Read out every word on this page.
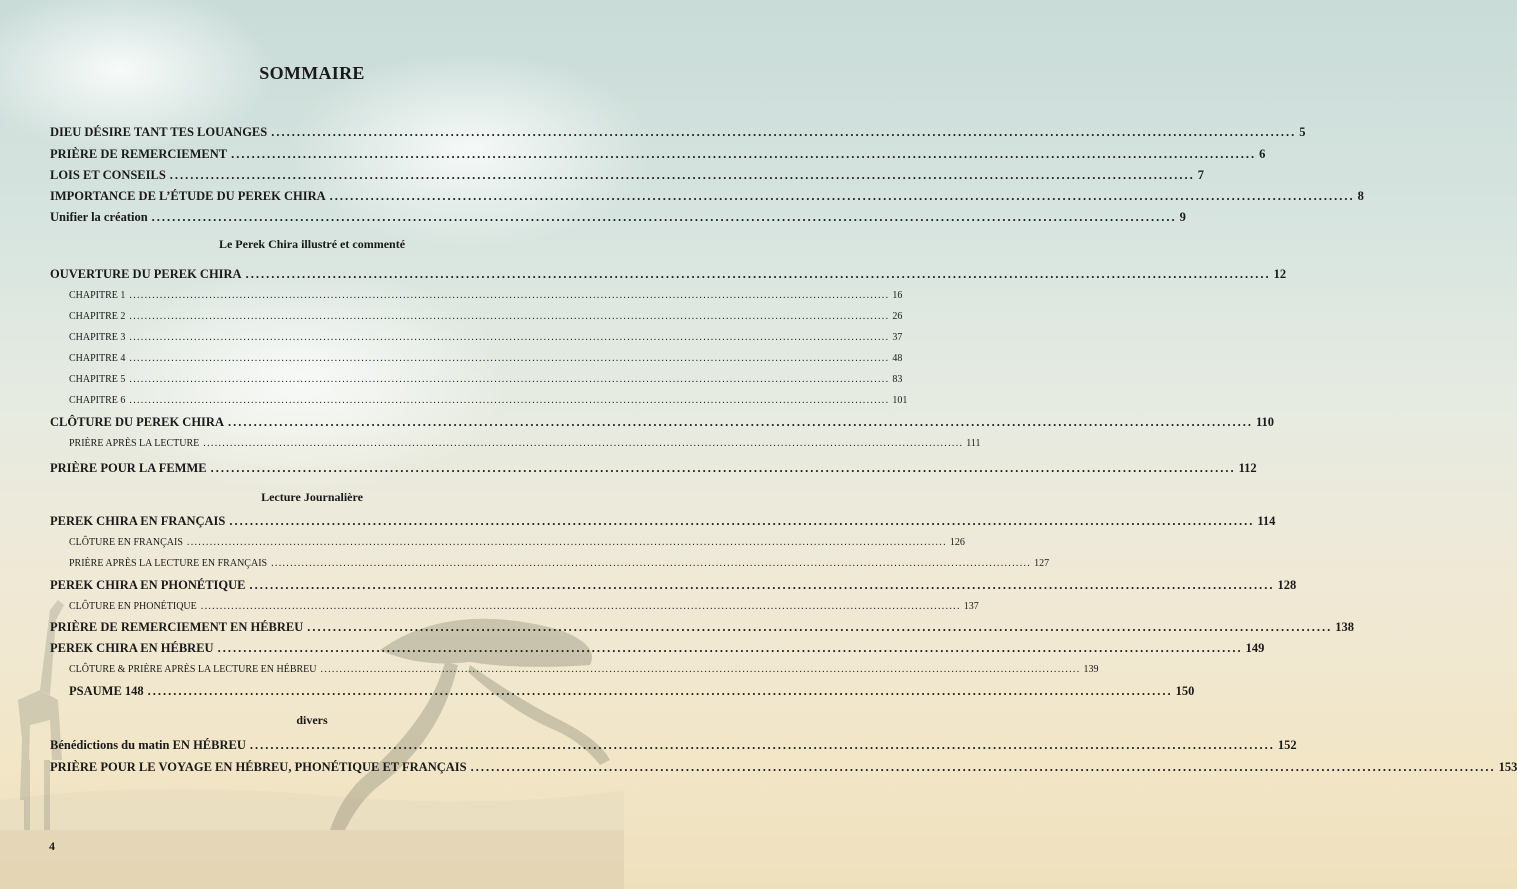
SOMMAIRE
DIEU DÉSIRE TANT TES LOUANGES ........................................................................................................................................................................................................ 5
PRIÈRE DE REMERCIEMENT ........................................................................................................................................................................................................ 6
LOIS ET CONSEILS ........................................................................................................................................................................................................ 7
IMPORTANCE DE L’ÉTUDE DU PEREK CHIRA ........................................................................................................................................................................................................ 8
Unifier la création ........................................................................................................................................................................................................ 9
Le Perek Chira illustré et commenté
OUVERTURE DU PEREK CHIRA ........................................................................................................................................................................................................ 12
CHAPITRE 1 ........................................................................................................................................................................................................ 16
CHAPITRE 2 ........................................................................................................................................................................................................ 26
CHAPITRE 3 ........................................................................................................................................................................................................ 37
CHAPITRE 4 ........................................................................................................................................................................................................ 48
CHAPITRE 5 ........................................................................................................................................................................................................ 83
CHAPITRE 6 ........................................................................................................................................................................................................ 101
CLÔTURE DU PEREK CHIRA ........................................................................................................................................................................................................ 110
PRIÈRE APRÈS LA LECTURE ........................................................................................................................................................................................................ 111
PRIÈRE POUR LA FEMME ........................................................................................................................................................................................................ 112
Lecture Journalière
PEREK CHIRA EN FRANÇAIS ........................................................................................................................................................................................................ 114
CLÔTURE EN FRANÇAIS ........................................................................................................................................................................................................ 126
PRIÈRE APRÈS LA LECTURE EN FRANÇAIS ........................................................................................................................................................................................................ 127
PEREK CHIRA EN PHONÉTIQUE ........................................................................................................................................................................................................ 128
CLÔTURE EN PHONÉTIQUE ........................................................................................................................................................................................................ 137
PRIÈRE DE REMERCIEMENT EN HÉBREU ........................................................................................................................................................................................................ 138
PEREK CHIRA EN HÉBREU ........................................................................................................................................................................................................ 149
CLÔTURE & PRIÈRE APRÈS LA LECTURE EN HÉBREU ........................................................................................................................................................................................................ 139
PSAUME 148 ........................................................................................................................................................................................................ 150
divers
Bénédictions du matin EN HÉBREU ........................................................................................................................................................................................................ 152
PRIÈRE POUR LE VOYAGE EN HÉBREU, PHONÉTIQUE ET FRANÇAIS ........................................................................................................................................................................................................ 153
4
